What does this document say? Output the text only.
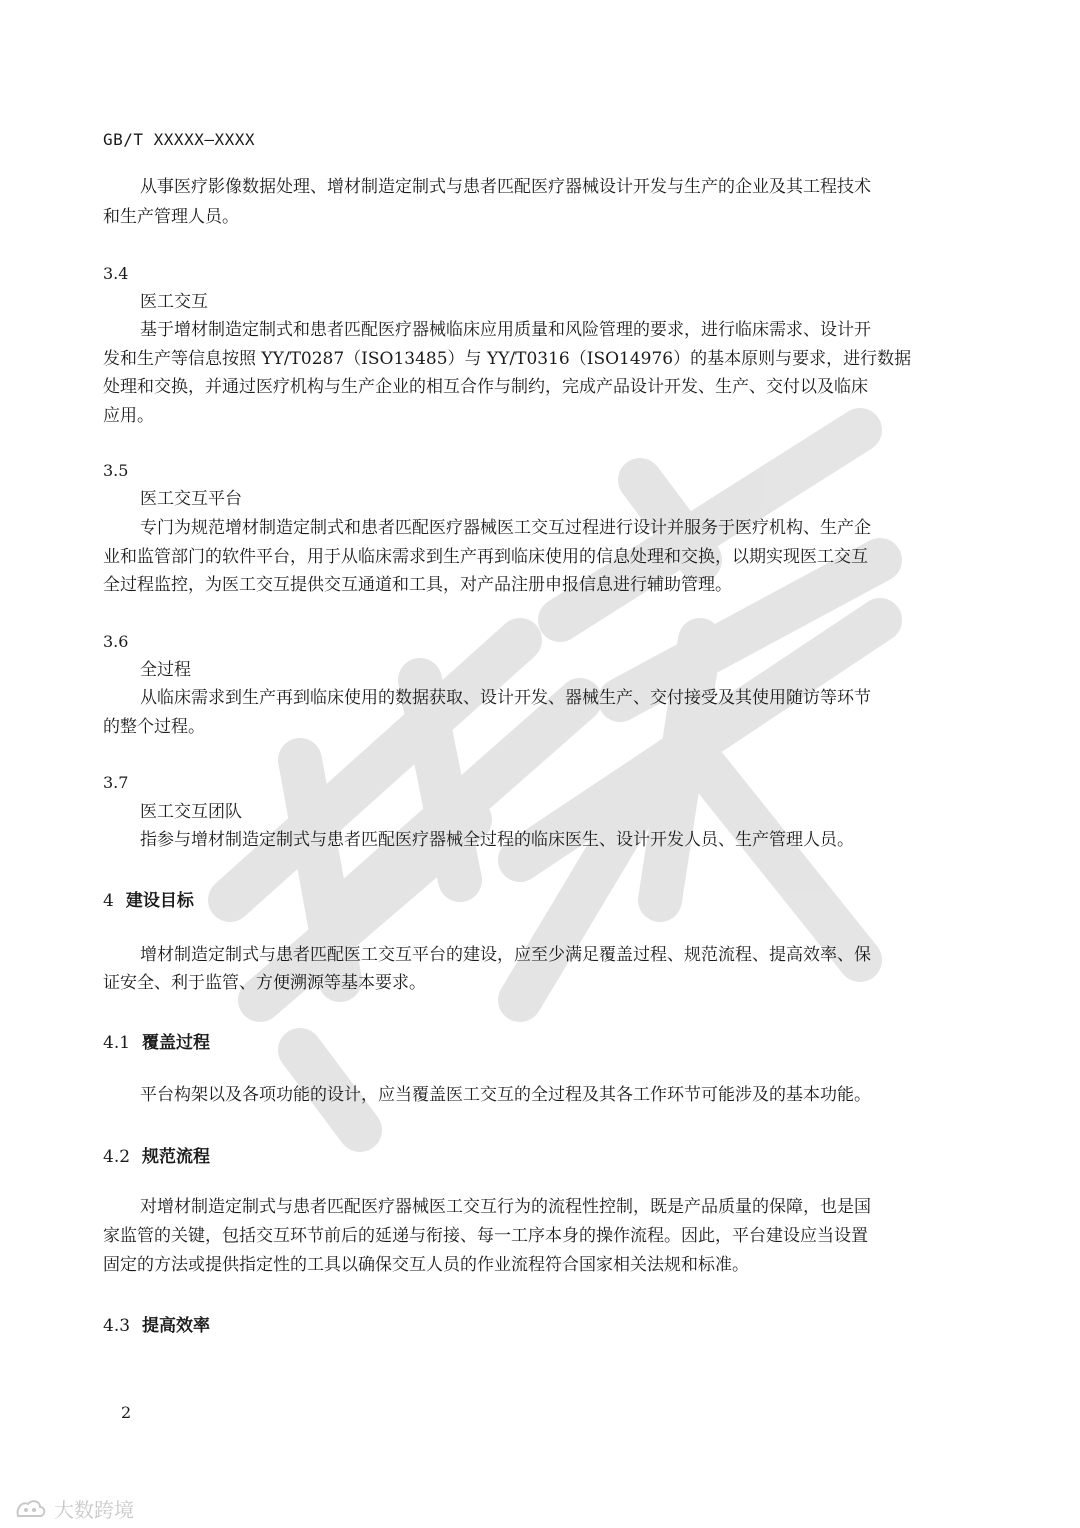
GB/T XXXXX—XXXX
从事医疗影像数据处理、增材制造定制式与患者匹配医疗器械设计开发与生产的企业及其工程技术
和生产管理人员。
3.4
医工交互
基于增材制造定制式和患者匹配医疗器械临床应用质量和风险管理的要求，进行临床需求、设计开
发和生产等信息按照 YY/T0287（ISO13485）与 YY/T0316（ISO14976）的基本原则与要求，进行数据
处理和交换，并通过医疗机构与生产企业的相互合作与制约，完成产品设计开发、生产、交付以及临床
应用。
3.5
医工交互平台
专门为规范增材制造定制式和患者匹配医疗器械医工交互过程进行设计并服务于医疗机构、生产企
业和监管部门的软件平台，用于从临床需求到生产再到临床使用的信息处理和交换，以期实现医工交互
全过程监控，为医工交互提供交互通道和工具，对产品注册申报信息进行辅助管理。
3.6
全过程
从临床需求到生产再到临床使用的数据获取、设计开发、器械生产、交付接受及其使用随访等环节
的整个过程。
3.7
医工交互团队
指参与增材制造定制式与患者匹配医疗器械全过程的临床医生、设计开发人员、生产管理人员。
4 建设目标
增材制造定制式与患者匹配医工交互平台的建设，应至少满足覆盖过程、规范流程、提高效率、保
证安全、利于监管、方便溯源等基本要求。
4.1 覆盖过程
平台构架以及各项功能的设计，应当覆盖医工交互的全过程及其各工作环节可能涉及的基本功能。
4.2 规范流程
对增材制造定制式与患者匹配医疗器械医工交互行为的流程性控制，既是产品质量的保障，也是国
家监管的关键，包括交互环节前后的延递与衔接、每一工序本身的操作流程。因此，平台建设应当设置
固定的方法或提供指定性的工具以确保交互人员的作业流程符合国家相关法规和标准。
4.3 提高效率
2
大数跨境
